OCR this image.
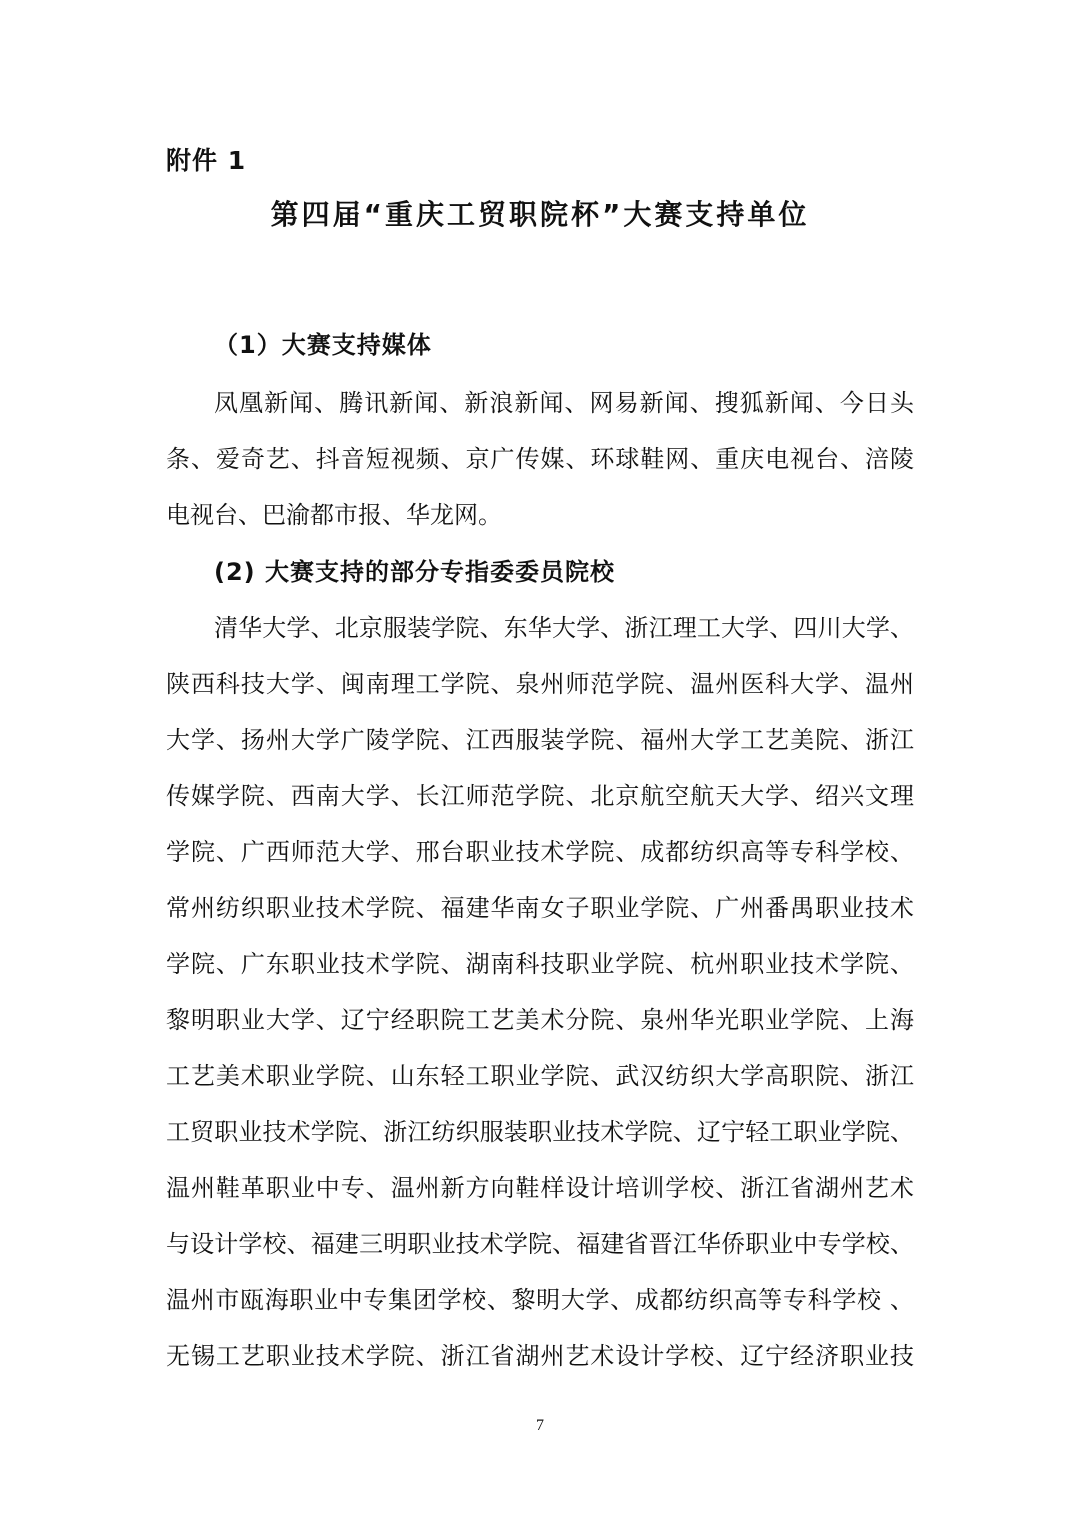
附件 1
第四届“重庆工贸职院杯”大赛支持单位
（1）大赛支持媒体
凤凰新闻、腾讯新闻、新浪新闻、网易新闻、搜狐新闻、今日头
条、爱奇艺、抖音短视频、京广传媒、环球鞋网、重庆电视台、涪陵
电视台、巴渝都市报、华龙网。
(2) 大赛支持的部分专指委委员院校
清华大学、北京服装学院、东华大学、浙江理工大学、四川大学、
陕西科技大学、闽南理工学院、泉州师范学院、温州医科大学、温州
大学、扬州大学广陵学院、江西服装学院、福州大学工艺美院、浙江
传媒学院、西南大学、长江师范学院、北京航空航天大学、绍兴文理
学院、广西师范大学、邢台职业技术学院、成都纺织高等专科学校、
常州纺织职业技术学院、福建华南女子职业学院、广州番禺职业技术
学院、广东职业技术学院、湖南科技职业学院、杭州职业技术学院、
黎明职业大学、辽宁经职院工艺美术分院、泉州华光职业学院、上海
工艺美术职业学院、山东轻工职业学院、武汉纺织大学高职院、浙江
工贸职业技术学院、浙江纺织服装职业技术学院、辽宁轻工职业学院、
温州鞋革职业中专、温州新方向鞋样设计培训学校、浙江省湖州艺术
与设计学校、福建三明职业技术学院、福建省晋江华侨职业中专学校、
温州市瓯海职业中专集团学校、黎明大学、成都纺织高等专科学校 、
无锡工艺职业技术学院、浙江省湖州艺术设计学校、辽宁经济职业技
7
